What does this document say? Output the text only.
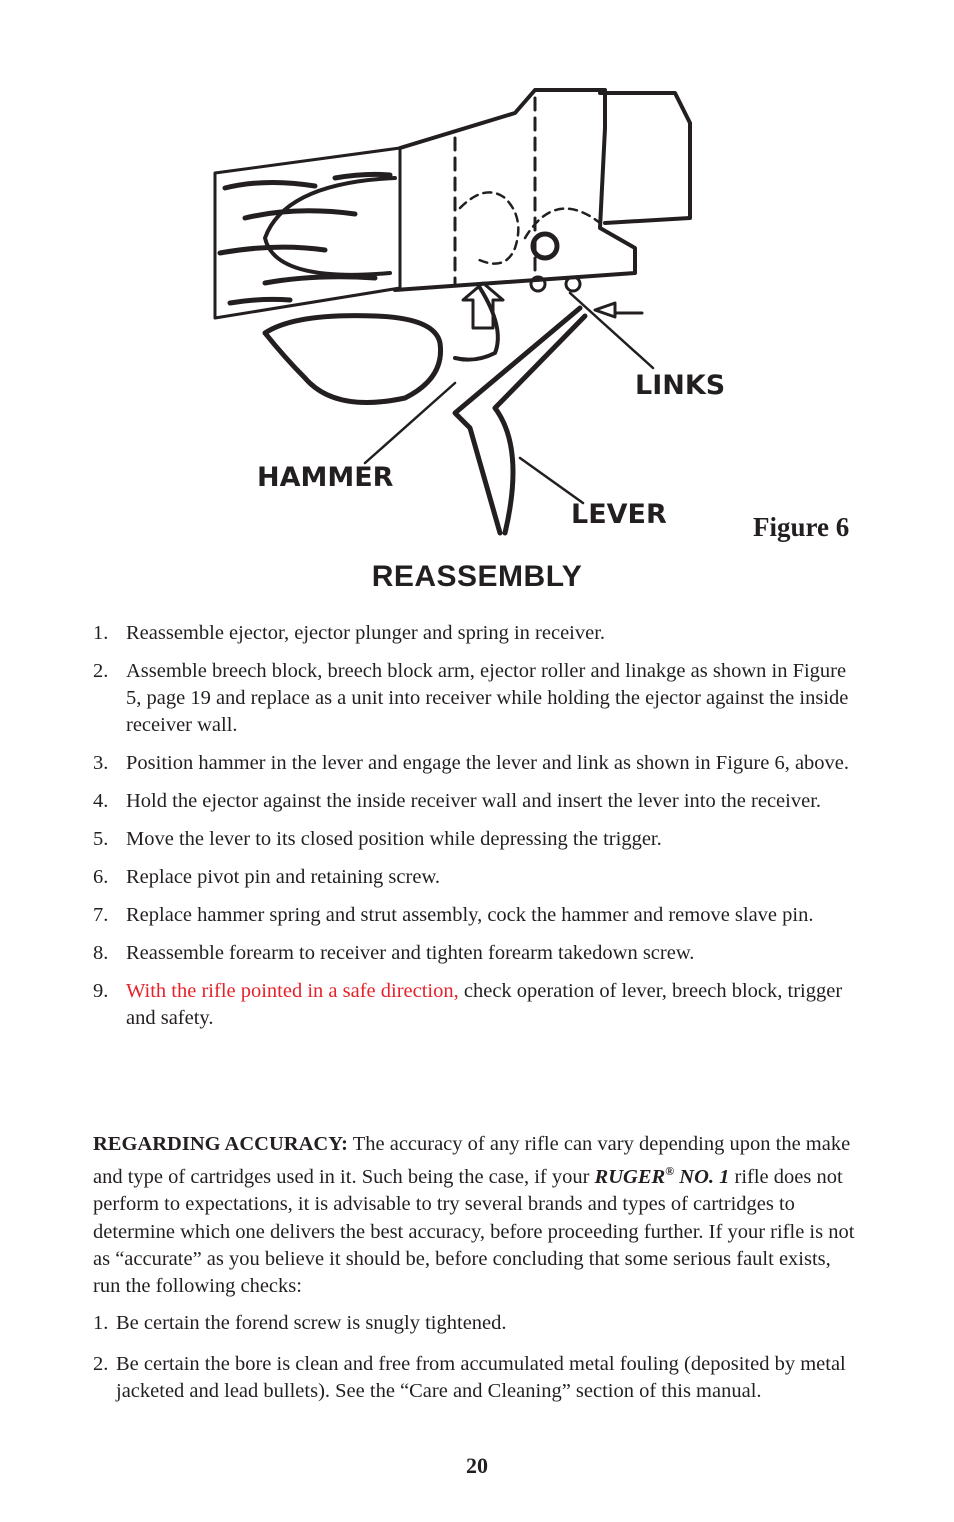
LINKS
HAMMER
LEVER	Figure 6
REASSEMBLY
1. Reassemble ejector, ejector plunger and spring in receiver.
2. Assemble breech block, breech block arm, ejector roller and linakge as shown in Figure 5, page 19 and replace as a unit into receiver while holding the ejector against the inside receiver wall.
3. Position hammer in the lever and engage the lever and link as shown in Figure 6, above.
4. Hold the ejector against the inside receiver wall and insert the lever into the receiver.
5. Move the lever to its closed position while depressing the trigger.
6. Replace pivot pin and retaining screw.
7. Replace hammer spring and strut assembly, cock the hammer and remove slave pin.
8. Reassemble forearm to receiver and tighten forearm takedown screw.
9. With the rifle pointed in a safe direction, check operation of lever, breech block, trigger and safety.

REGARDING ACCURACY: The accuracy of any rifle can vary depending upon the make and type of cartridges used in it. Such being the case, if your RUGER® NO. 1 rifle does not perform to expectations, it is advisable to try several brands and types of cartridges to determine which one delivers the best accuracy, before proceeding further. If your rifle is not as “accurate” as you believe it should be, before concluding that some serious fault exists, run the following checks:

1. Be certain the forend screw is snugly tightened.
2. Be certain the bore is clean and free from accumulated metal fouling (deposited by metal jacketed and lead bullets). See the “Care and Cleaning” section of this manual.
20
